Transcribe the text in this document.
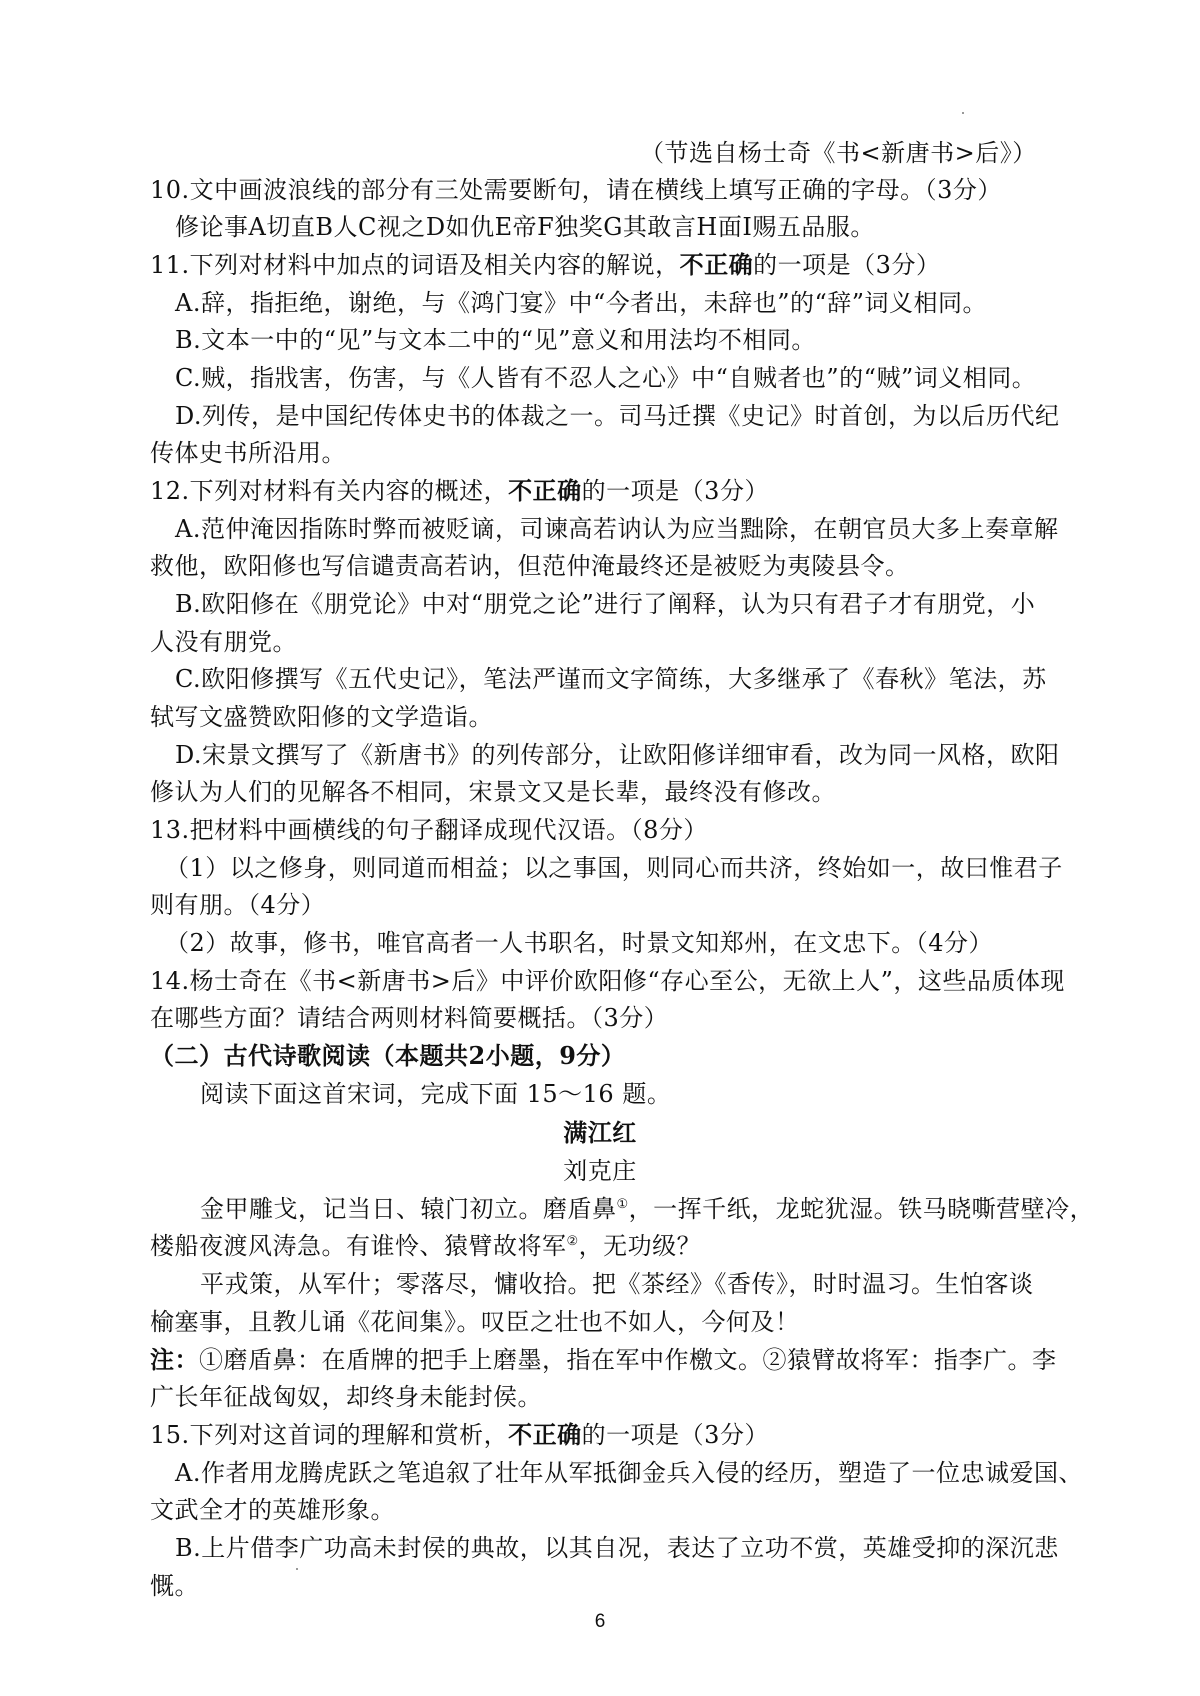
（节选自杨士奇《书<新唐书>后》）
10.文中画波浪线的部分有三处需要断句，请在横线上填写正确的字母。（3分）
修论事A切直B人C视之D如仇E帝F独奖G其敢言H面I赐五品服。
11.下列对材料中加点的词语及相关内容的解说，不正确的一项是（3分）
A.辞，指拒绝，谢绝，与《鸿门宴》中“今者出，未辞也”的“辞”词义相同。
B.文本一中的“见”与文本二中的“见”意义和用法均不相同。
C.贼，指戕害，伤害，与《人皆有不忍人之心》中“自贼者也”的“贼”词义相同。
D.列传，是中国纪传体史书的体裁之一。司马迁撰《史记》时首创，为以后历代纪
传体史书所沿用。
12.下列对材料有关内容的概述，不正确的一项是（3分）
A.范仲淹因指陈时弊而被贬谪，司谏高若讷认为应当黜除，在朝官员大多上奏章解
救他，欧阳修也写信谴责高若讷，但范仲淹最终还是被贬为夷陵县令。
B.欧阳修在《朋党论》中对“朋党之论”进行了阐释，认为只有君子才有朋党，小
人没有朋党。
C.欧阳修撰写《五代史记》，笔法严谨而文字简练，大多继承了《春秋》笔法，苏
轼写文盛赞欧阳修的文学造诣。
D.宋景文撰写了《新唐书》的列传部分，让欧阳修详细审看，改为同一风格，欧阳
修认为人们的见解各不相同，宋景文又是长辈，最终没有修改。
13.把材料中画横线的句子翻译成现代汉语。（8分）
（1）以之修身，则同道而相益；以之事国，则同心而共济，终始如一，故曰惟君子
则有朋。（4分）
（2）故事，修书，唯官高者一人书职名，时景文知郑州，在文忠下。（4分）
14.杨士奇在《书<新唐书>后》中评价欧阳修“存心至公，无欲上人”，这些品质体现
在哪些方面？请结合两则材料简要概括。（3分）
（二）古代诗歌阅读（本题共2小题，9分）
阅读下面这首宋词，完成下面 15～16 题。
满江红
刘克庄
金甲雕戈，记当日、辕门初立。磨盾鼻①，一挥千纸，龙蛇犹湿。铁马晓嘶营壁冷，
楼船夜渡风涛急。有谁怜、猿臂故将军②，无功级？
平戎策，从军什；零落尽，慵收拾。把《茶经》《香传》，时时温习。生怕客谈
榆塞事，且教儿诵《花间集》。叹臣之壮也不如人，今何及！
注：①磨盾鼻：在盾牌的把手上磨墨，指在军中作檄文。②猿臂故将军：指李广。李
广长年征战匈奴，却终身未能封侯。
15.下列对这首词的理解和赏析，不正确的一项是（3分）
A.作者用龙腾虎跃之笔追叙了壮年从军抵御金兵入侵的经历，塑造了一位忠诚爱国、
文武全才的英雄形象。
B.上片借李广功高未封侯的典故，以其自况，表达了立功不赏，英雄受抑的深沉悲
慨。
6
